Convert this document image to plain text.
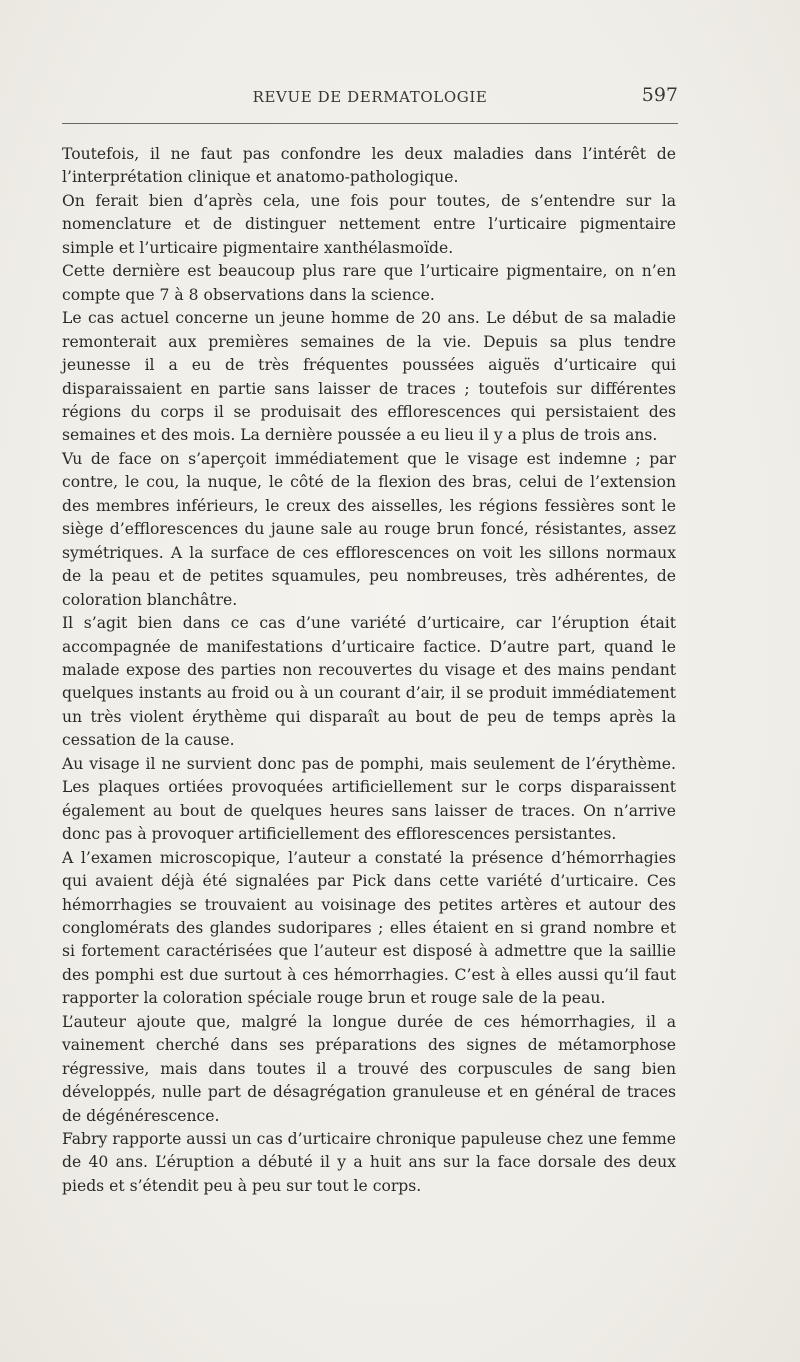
REVUE DE DERMATOLOGIE	597

Toutefois, il ne faut pas confondre les deux maladies dans l’intérêt de l’interprétation clinique et anatomo-pathologique.

On ferait bien d’après cela, une fois pour toutes, de s’entendre sur la nomenclature et de distinguer nettement entre l’urticaire pigmentaire simple et l’urticaire pigmentaire xanthélasmoïde.

Cette dernière est beaucoup plus rare que l’urticaire pigmentaire, on n’en compte que 7 à 8 observations dans la science.

Le cas actuel concerne un jeune homme de 20 ans. Le début de sa maladie remonterait aux premières semaines de la vie. Depuis sa plus tendre jeunesse il a eu de très fréquentes poussées aiguës d’urticaire qui disparaissaient en partie sans laisser de traces ; toutefois sur différentes régions du corps il se produisait des efflorescences qui persistaient des semaines et des mois. La dernière poussée a eu lieu il y a plus de trois ans.

Vu de face on s’aperçoit immédiatement que le visage est indemne ; par contre, le cou, la nuque, le côté de la flexion des bras, celui de l’extension des membres inférieurs, le creux des aisselles, les régions fessières sont le siège d’efflorescences du jaune sale au rouge brun foncé, résistantes, assez symétriques. A la surface de ces efflorescences on voit les sillons normaux de la peau et de petites squamules, peu nombreuses, très adhérentes, de coloration blanchâtre.

Il s’agit bien dans ce cas d’une variété d’urticaire, car l’éruption était accompagnée de manifestations d’urticaire factice. D’autre part, quand le malade expose des parties non recouvertes du visage et des mains pendant quelques instants au froid ou à un courant d’air, il se produit immédiatement un très violent érythème qui disparaît au bout de peu de temps après la cessation de la cause.

Au visage il ne survient donc pas de pomphi, mais seulement de l’érythème. Les plaques ortiées provoquées artificiellement sur le corps disparaissent également au bout de quelques heures sans laisser de traces. On n’arrive donc pas à provoquer artificiellement des efflorescences persistantes.

A l’examen microscopique, l’auteur a constaté la présence d’hémorrhagies qui avaient déjà été signalées par Pick dans cette variété d’urticaire. Ces hémorrhagies se trouvaient au voisinage des petites artères et autour des conglomérats des glandes sudoripares ; elles étaient en si grand nombre et si fortement caractérisées que l’auteur est disposé à admettre que la saillie des pomphi est due surtout à ces hémorrhagies. C’est à elles aussi qu’il faut rapporter la coloration spéciale rouge brun et rouge sale de la peau.

L’auteur ajoute que, malgré la longue durée de ces hémorrhagies, il a vainement cherché dans ses préparations des signes de métamorphose régressive, mais dans toutes il a trouvé des corpuscules de sang bien développés, nulle part de désagrégation granuleuse et en général de traces de dégénérescence.

Fabry rapporte aussi un cas d’urticaire chronique papuleuse chez une femme de 40 ans. L’éruption a débuté il y a huit ans sur la face dorsale des deux pieds et s’étendit peu à peu sur tout le corps.
